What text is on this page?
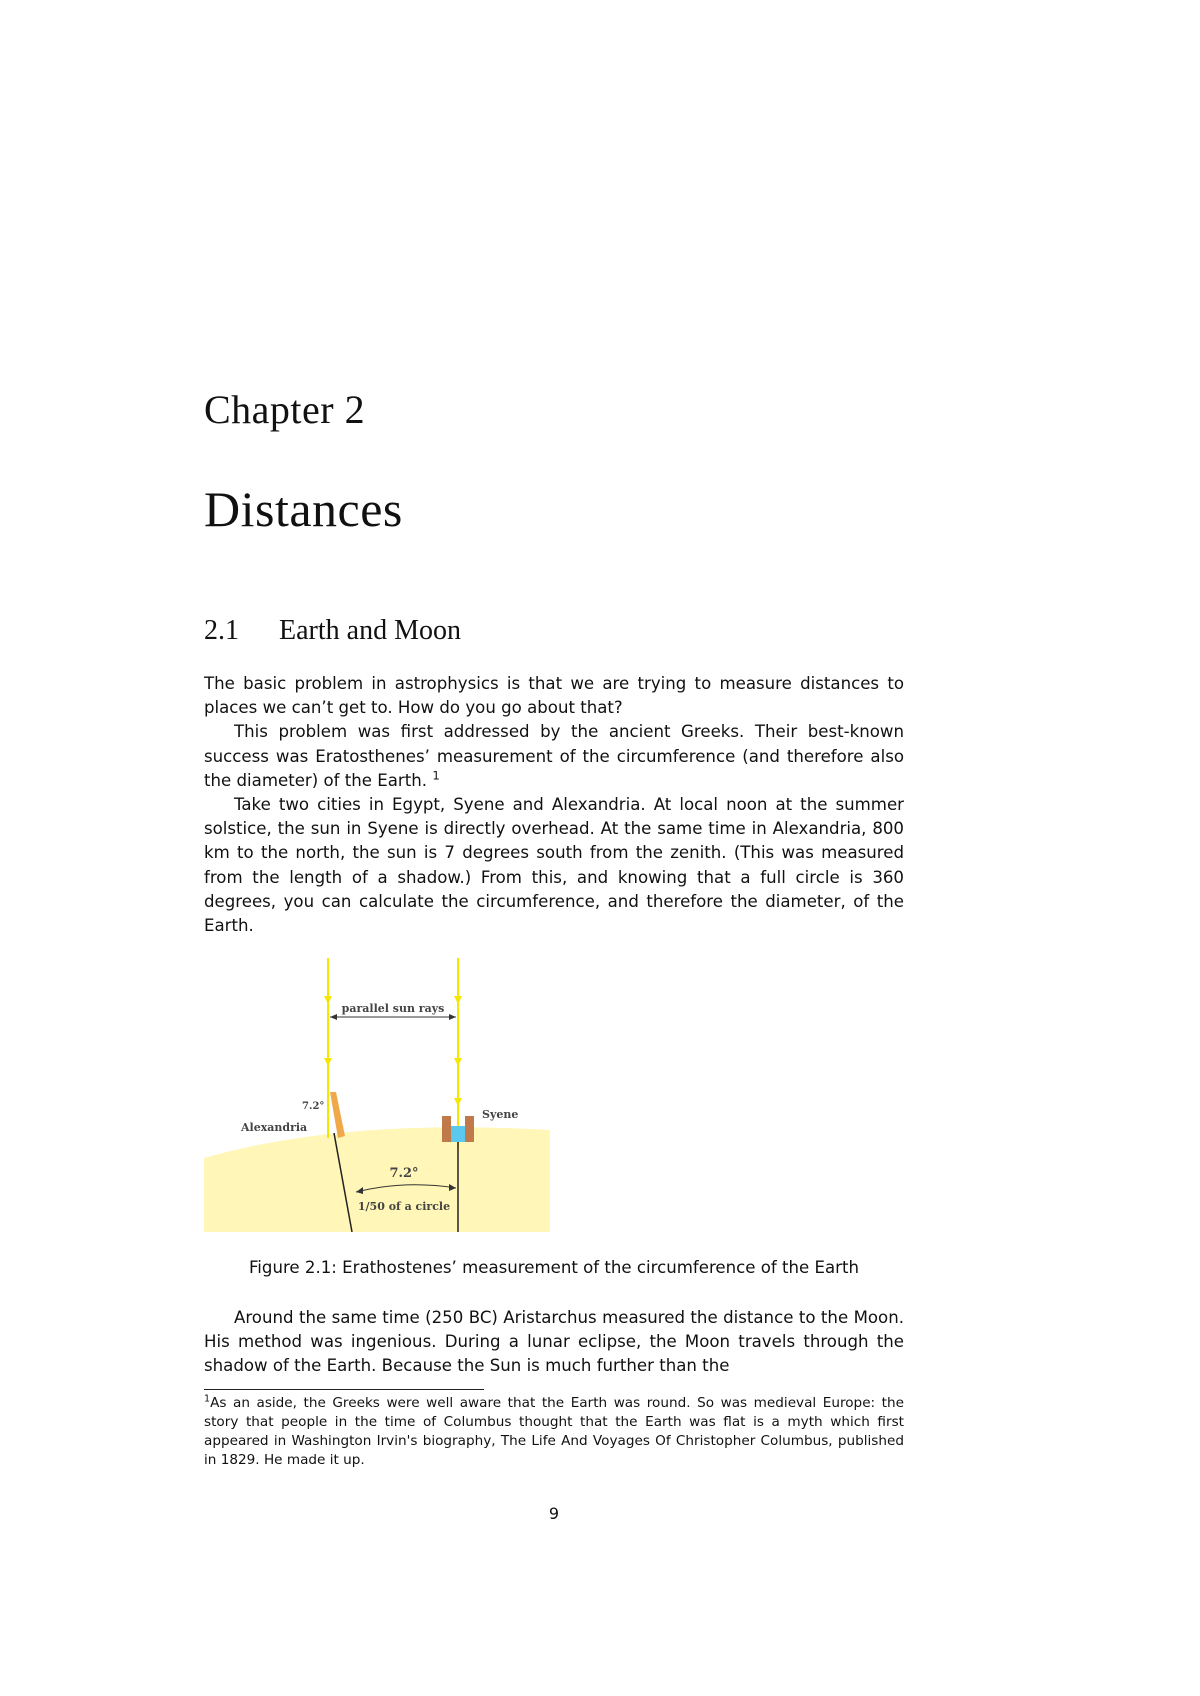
Chapter 2
Distances
2.1 Earth and Moon

The basic problem in astrophysics is that we are trying to measure distances to places we can’t get to. How do you go about that?

This problem was first addressed by the ancient Greeks. Their best-known success was Eratosthenes’ measurement of the circumference (and therefore also the diameter) of the Earth. $^1$

Take two cities in Egypt, Syene and Alexandria. At local noon at the summer solstice, the sun in Syene is directly overhead. At the same time in Alexandria, 800 km to the north, the sun is 7 degrees south from the zenith. (This was measured from the length of a shadow.) From this, and knowing that a full circle is 360 degrees, you can calculate the circumference, and therefore the diameter, of the Earth.

parallel sun rays
7.2°
Alexandria
Syene
7.2°
1/50 of a circle
Figure 2.1: Erathostenes’ measurement of the circumference of the Earth

Around the same time (250 BC) Aristarchus measured the distance to the Moon. His method was ingenious. During a lunar eclipse, the Moon travels through the shadow of the Earth. Because the Sun is much further than the

$^1$As an aside, the Greeks were well aware that the Earth was round. So was medieval Europe: the story that people in the time of Columbus thought that the Earth was flat is a myth which first appeared in Washington Irvin's biography, The Life And Voyages Of Christopher Columbus, published in 1829. He made it up.
9
